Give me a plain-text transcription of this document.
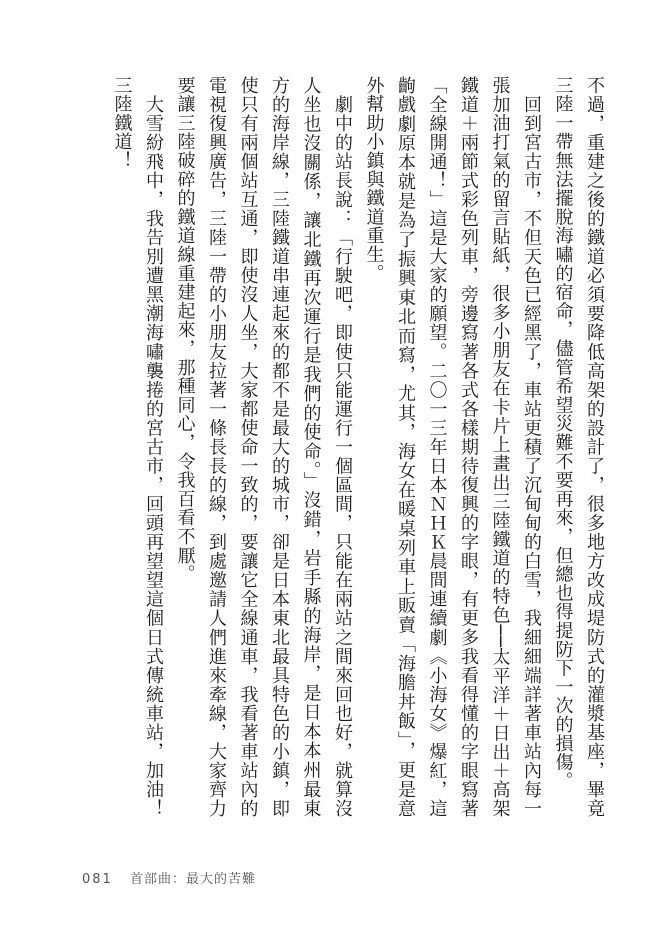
不過，重建之後的鐵道必須要降低高架的設計了，很多地方改成堤防式的灌漿基座，畢竟三陸一帶無法擺脫海嘯的宿命，儘管希望災難不要再來，但總也得提防下一次的損傷。

　回到宮古市，不但天色已經黑了，車站更積了沉甸甸的白雪，我細細端詳著車站內每一張加油打氣的留言貼紙，很多小朋友在卡片上畫出三陸鐵道的特色──太平洋＋日出＋高架鐵道＋兩節式彩色列車，旁邊寫著各式各樣期待復興的字眼，有更多我看得懂的字眼寫著「全線開通！」這是大家的願望。二〇一三年日本ＮＨＫ晨間連續劇《小海女》爆紅，這齣戲劇原本就是為了振興東北而寫，尤其，海女在暖桌列車上販賣「海膽丼飯」，更是意外幫助小鎮與鐵道重生。

　劇中的站長說：「行駛吧，即使只能運行一個區間，只能在兩站之間來回也好，就算沒人坐也沒關係，讓北鐵再次運行是我們的使命。」沒錯，岩手縣的海岸，是日本本州最東方的海岸線，三陸鐵道串連起來的都不是最大的城市，卻是日本東北最具特色的小鎮，即使只有兩個站互通，即使沒人坐，大家都使命一致的，要讓它全線通車，我看著車站內的電視復興廣告，三陸一帶的小朋友拉著一條長長的線，到處邀請人們進來牽線，大家齊力要讓三陸破碎的鐵道線重建起來，那種同心，令我百看不厭。

　大雪紛飛中，我告別遭黑潮海嘯襲捲的宮古市，回頭再望望這個日式傳統車站，加油！三陸鐵道！

081 首部曲：最大的苦難
